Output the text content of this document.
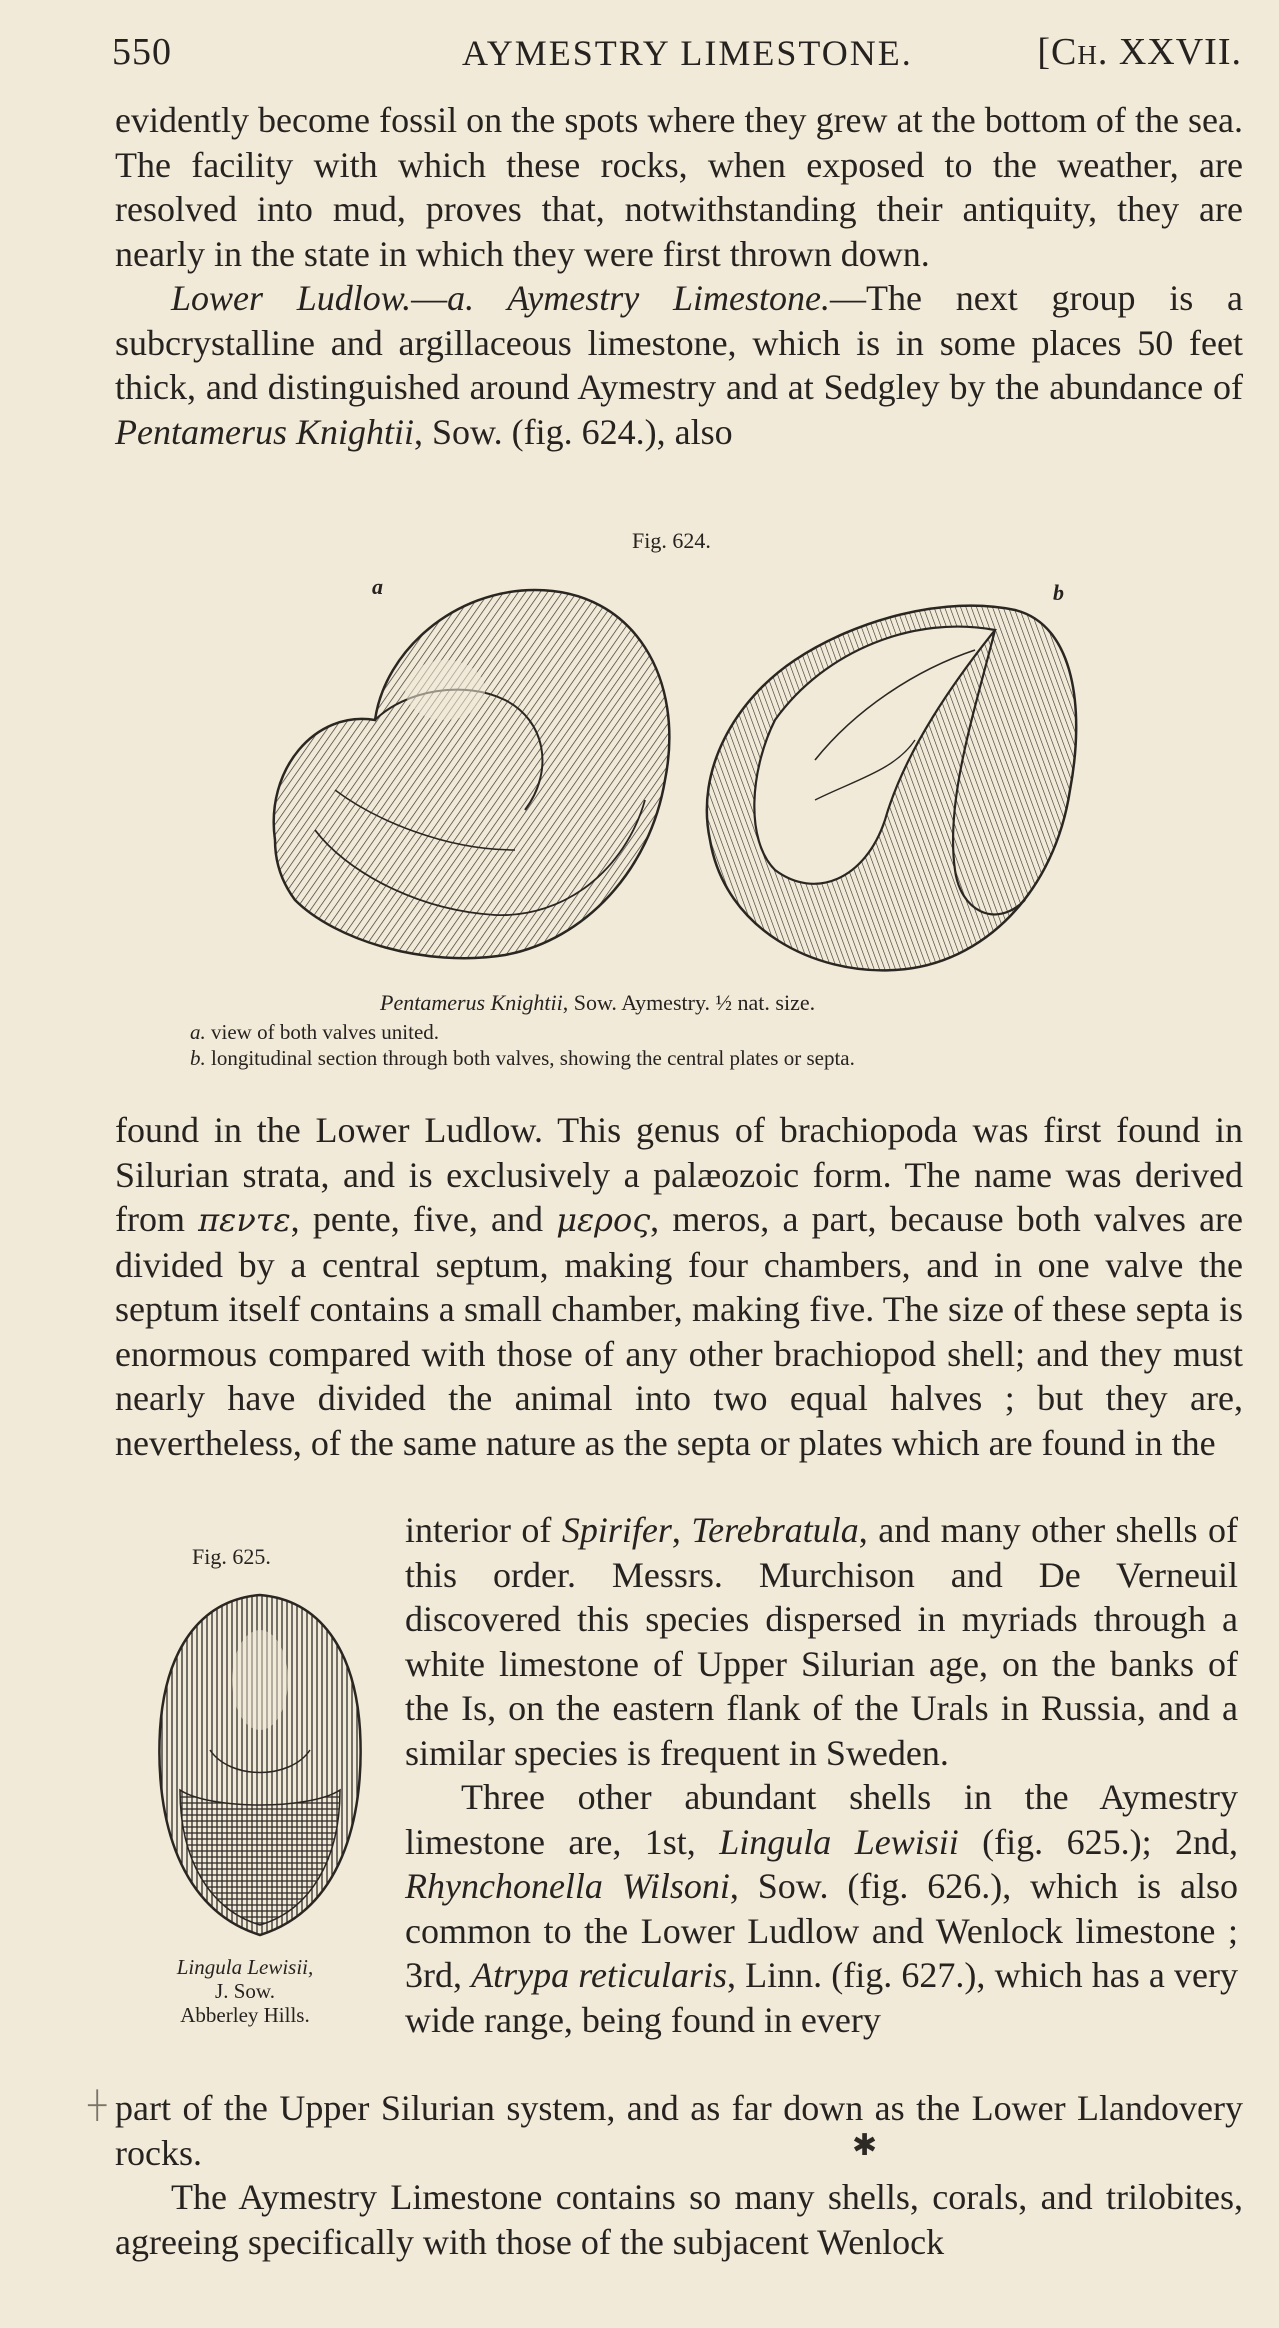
550	AYMESTRY LIMESTONE.	[Ch. XXVII.

evidently become fossil on the spots where they grew at the bottom of the sea. The facility with which these rocks, when exposed to the weather, are resolved into mud, proves that, notwithstanding their antiquity, they are nearly in the state in which they were first thrown down.

Lower Ludlow.—a. Aymestry Limestone.—The next group is a subcrystalline and argillaceous limestone, which is in some places 50 feet thick, and distinguished around Aymestry and at Sedgley by the abundance of Pentamerus Knightii, Sow. (fig. 624.), also

Fig. 624.
a	b
Pentamerus Knightii, Sow. Aymestry. ½ nat. size.
a. view of both valves united.
b. longitudinal section through both valves, showing the central plates or septa.

found in the Lower Ludlow. This genus of brachiopoda was first found in Silurian strata, and is exclusively a palæozoic form. The name was derived from πεντε, pente, five, and μερος, meros, a part, because both valves are divided by a central septum, making four chambers, and in one valve the septum itself contains a small chamber, making five. The size of these septa is enormous compared with those of any other brachiopod shell; and they must nearly have divided the animal into two equal halves ; but they are, nevertheless, of the same nature as the septa or plates which are found in the

Fig. 625.
Lingula Lewisii,
J. Sow.
Abberley Hills.

interior of Spirifer, Terebratula, and many other shells of this order. Messrs. Murchison and De Verneuil discovered this species dispersed in myriads through a white limestone of Upper Silurian age, on the banks of the Is, on the eastern flank of the Urals in Russia, and a similar species is frequent in Sweden.

Three other abundant shells in the Aymestry limestone are, 1st, Lingula Lewisii (fig. 625.); 2nd, Rhynchonella Wilsoni, Sow. (fig. 626.), which is also common to the Lower Ludlow and Wenlock limestone ; 3rd, Atrypa reticularis, Linn. (fig. 627.), which has a very wide range, being found in every

part of the Upper Silurian system, and as far down as the Lower Llandovery rocks.

The Aymestry Limestone contains so many shells, corals, and trilobites, agreeing specifically with those of the subjacent Wenlock

✱
┼
